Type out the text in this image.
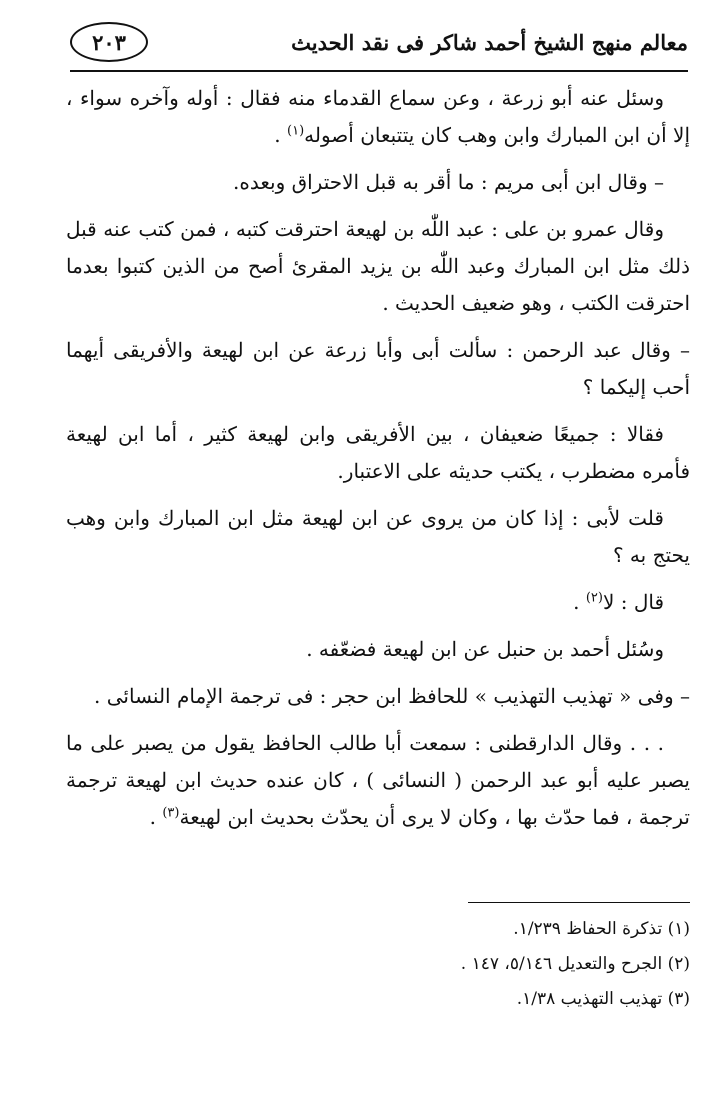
معالم منهج الشيخ أحمد شاكر فى نقد الحديث
٢٠٣

وسئل عنه أبو زرعة ، وعن سماع القدماء منه فقال : أوله وآخره سواء ، إلا أن ابن المبارك وابن وهب كان يتتبعان أصوله$^{(١)}$ .

– وقال ابن أبى مريم : ما أقر به قبل الاحتراق وبعده.

وقال عمرو بن على : عبد اللّٰه بن لهيعة احترقت كتبه ، فمن كتب عنه قبل ذلك مثل ابن المبارك وعبد اللّٰه بن يزيد المقرئ أصح من الذين كتبوا بعدما احترقت الكتب ، وهو ضعيف الحديث .

– وقال عبد الرحمن : سألت أبى وأبا زرعة عن ابن لهيعة والأفريقى أيهما أحب إليكما ؟

فقالا : جميعًا ضعيفان ، بين الأفريقى وابن لهيعة كثير ، أما ابن لهيعة فأمره مضطرب ، يكتب حديثه على الاعتبار.

قلت لأبى : إذا كان من يروى عن ابن لهيعة مثل ابن المبارك وابن وهب يحتج به ؟

قال : لا$^{(٢)}$ .

وسُئل أحمد بن حنبل عن ابن لهيعة فضعّفه .

– وفى « تهذيب التهذيب » للحافظ ابن حجر : فى ترجمة الإمام النسائى .

. . . وقال الدارقطنى : سمعت أبا طالب الحافظ يقول من يصبر على ما يصبر عليه أبو عبد الرحمن ( النسائى ) ، كان عنده حديث ابن لهيعة ترجمة ترجمة ، فما حدّث بها ، وكان لا يرى أن يحدّث بحديث ابن لهيعة$^{(٣)}$ .

(١) تذكرة الحفاظ ١/٢٣٩.

(٢) الجرح والتعديل ٥/١٤٦، ١٤٧ .

(٣) تهذيب التهذيب ١/٣٨.
